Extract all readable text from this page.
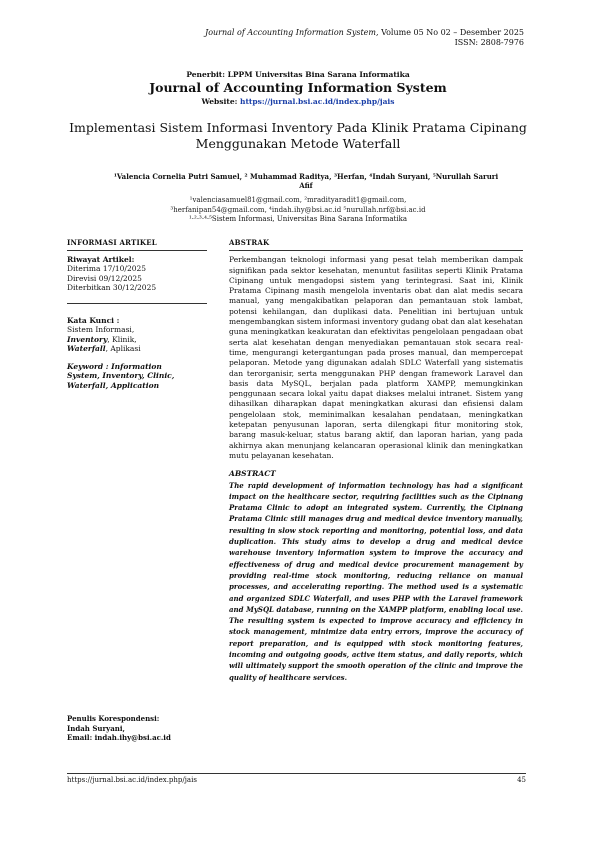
Journal of Accounting Information System, Volume 05 No 02 – Desember 2025
ISSN: 2808-7976
Penerbit: LPPM Universitas Bina Sarana Informatika
Journal of Accounting Information System
Website: https://jurnal.bsi.ac.id/index.php/jais
Implementasi Sistem Informasi Inventory Pada Klinik Pratama Cipinang
Menggunakan Metode Waterfall
¹Valencia Cornelia Putri Samuel, ² Muhammad Raditya, ³Herfan, ⁴Indah Suryani, ⁵Nurullah Saruri
Afif
¹valenciasamuel81@gmail.com, ²mradityaradit1@gmail.com,
³herfanipan54@gmail.com, ⁴indah.ihy@bsi.ac.id ⁵nurullah.nrf@bsi.ac.id
¹·²·³·⁴·⁵Sistem Informasi, Universitas Bina Sarana Informatika
INFORMASI ARTIKEL
Riwayat Artikel:
Diterima 17/10/2025
Direvisi 09/12/2025
Diterbitkan 30/12/2025
Kata Kunci :
Sistem Informasi,
Inventory, Klinik,
Waterfall, Aplikasi
Keyword : Information
System, Inventory, Clinic,
Waterfall, Application
ABSTRAK

Perkembangan teknologi informasi yang pesat telah memberikan dampak signifikan pada sektor kesehatan, menuntut fasilitas seperti Klinik Pratama Cipinang untuk mengadopsi sistem yang terintegrasi. Saat ini, Klinik Pratama Cipinang masih mengelola inventaris obat dan alat medis secara manual, yang mengakibatkan pelaporan dan pemantauan stok lambat, potensi kehilangan, dan duplikasi data. Penelitian ini bertujuan untuk mengembangkan sistem informasi inventory gudang obat dan alat kesehatan guna meningkatkan keakuratan dan efektivitas pengelolaan pengadaan obat serta alat kesehatan dengan menyediakan pemantauan stok secara real-time, mengurangi ketergantungan pada proses manual, dan mempercepat pelaporan. Metode yang digunakan adalah SDLC Waterfall yang sistematis dan terorganisir, serta menggunakan PHP dengan framework Laravel dan basis data MySQL, berjalan pada platform XAMPP, memungkinkan penggunaan secara lokal yaitu dapat diakses melalui intranet. Sistem yang dihasilkan diharapkan dapat meningkatkan akurasi dan efisiensi dalam pengelolaan stok, meminimalkan kesalahan pendataan, meningkatkan ketepatan penyusunan laporan, serta dilengkapi fitur monitoring stok, barang masuk-keluar, status barang aktif, dan laporan harian, yang pada akhirnya akan menunjang kelancaran operasional klinik dan meningkatkan mutu pelayanan kesehatan.

ABSTRACT

The rapid development of information technology has had a significant impact on the healthcare sector, requiring facilities such as the Cipinang Pratama Clinic to adopt an integrated system. Currently, the Cipinang Pratama Clinic still manages drug and medical device inventory manually, resulting in slow stock reporting and monitoring, potential loss, and data duplication. This study aims to develop a drug and medical device warehouse inventory information system to improve the accuracy and effectiveness of drug and medical device procurement management by providing real-time stock monitoring, reducing reliance on manual processes, and accelerating reporting. The method used is a systematic and organized SDLC Waterfall, and uses PHP with the Laravel framework and MySQL database, running on the XAMPP platform, enabling local use. The resulting system is expected to improve accuracy and efficiency in stock management, minimize data entry errors, improve the accuracy of report preparation, and is equipped with stock monitoring features, incoming and outgoing goods, active item status, and daily reports, which will ultimately support the smooth operation of the clinic and improve the quality of healthcare services.

Penulis Korespondensi:
Indah Suryani,
Email: indah.ihy@bsi.ac.id
https://jurnal.bsi.ac.id/index.php/jais	45
